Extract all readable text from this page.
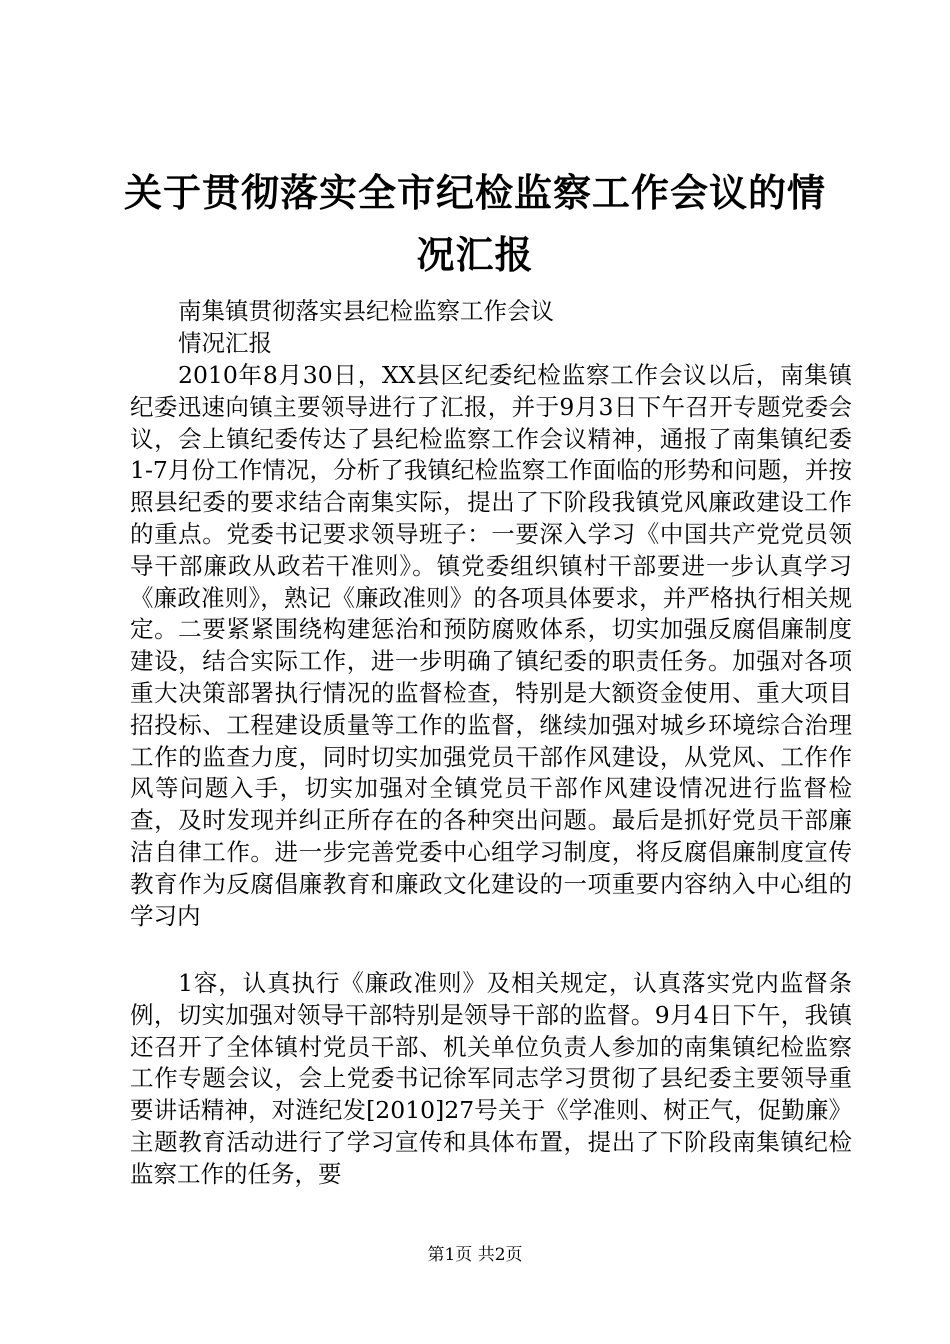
关于贯彻落实全市纪检监察工作会议的情况汇报

南集镇贯彻落实县纪检监察工作会议

情况汇报

2010年8月30日，XX县区纪委纪检监察工作会议以后，南集镇纪委迅速向镇主要领导进行了汇报，并于9月3日下午召开专题党委会议，会上镇纪委传达了县纪检监察工作会议精神，通报了南集镇纪委1-7月份工作情况，分析了我镇纪检监察工作面临的形势和问题，并按照县纪委的要求结合南集实际，提出了下阶段我镇党风廉政建设工作的重点。党委书记要求领导班子：一要深入学习《中国共产党党员领导干部廉政从政若干准则》。镇党委组织镇村干部要进一步认真学习《廉政准则》，熟记《廉政准则》的各项具体要求，并严格执行相关规定。二要紧紧围绕构建惩治和预防腐败体系，切实加强反腐倡廉制度建设，结合实际工作，进一步明确了镇纪委的职责任务。加强对各项重大决策部署执行情况的监督检查，特别是大额资金使用、重大项目招投标、工程建设质量等工作的监督，继续加强对城乡环境综合治理工作的监查力度，同时切实加强党员干部作风建设，从党风、工作作风等问题入手，切实加强对全镇党员干部作风建设情况进行监督检查，及时发现并纠正所存在的各种突出问题。最后是抓好党员干部廉洁自律工作。进一步完善党委中心组学习制度，将反腐倡廉制度宣传教育作为反腐倡廉教育和廉政文化建设的一项重要内容纳入中心组的学习内

1容，认真执行《廉政准则》及相关规定，认真落实党内监督条例，切实加强对领导干部特别是领导干部的监督。9月4日下午，我镇还召开了全体镇村党员干部、机关单位负责人参加的南集镇纪检监察工作专题会议，会上党委书记徐军同志学习贯彻了县纪委主要领导重要讲话精神，对涟纪发[2010]27号关于《学准则、树正气，促勤廉》主题教育活动进行了学习宣传和具体布置，提出了下阶段南集镇纪检监察工作的任务，要

第1页 共2页
